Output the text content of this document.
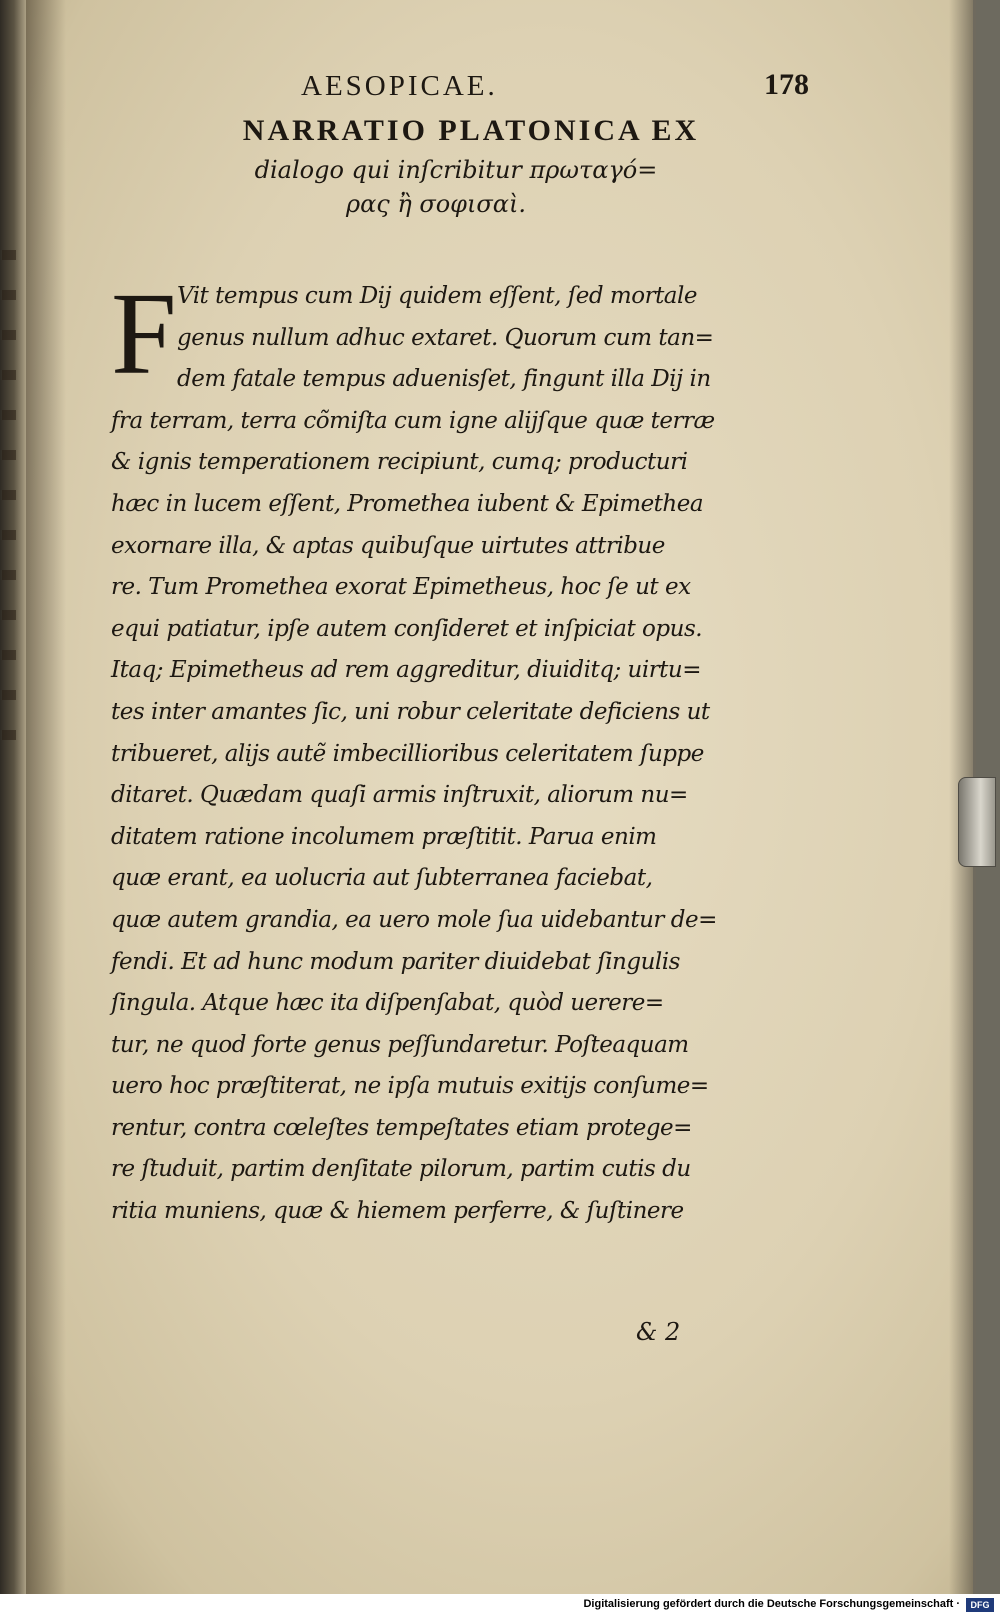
AESOPICAE.	178
NARRATIO PLATONICA EX
dialogo qui inſcribitur πρωταγό=
ρας ἢ σοφισαὶ.
F Vit tempus cum Dij quidem eſſent, ſed mortale
genus nullum adhuc extaret. Quorum cum tan=
dem fatale tempus aduenisſet, fingunt illa Dij in
fra terram, terra cõmiſta cum igne alijſque quæ terræ
& ignis temperationem recipiunt, cumq; producturi
hæc in lucem eſſent, Promethea iubent & Epimethea
exornare illa, & aptas quibuſque uirtutes attribue
re. Tum Promethea exorat Epimetheus, hoc ſe ut ex
equi patiatur, ipſe autem conſideret et inſpiciat opus.
Itaq; Epimetheus ad rem aggreditur, diuiditq; uirtu=
tes inter amantes ſic, uni robur celeritate deficiens ut
tribueret, alijs autẽ imbecillioribus celeritatem ſuppe
ditaret. Quædam quaſi armis inſtruxit, aliorum nu=
ditatem ratione incolumem præſtitit. Parua enim
quæ erant, ea uolucria aut ſubterranea faciebat,
quæ autem grandia, ea uero mole ſua uidebantur de=
fendi. Et ad hunc modum pariter diuidebat ſingulis
ſingula. Atque hæc ita diſpenſabat, quòd uerere=
tur, ne quod forte genus peſſundaretur. Poſteaquam
uero hoc præſtiterat, ne ipſa mutuis exitijs conſume=
rentur, contra cœleſtes tempeſtates etiam protege=
re ſtuduit, partim denſitate pilorum, partim cutis du
ritia muniens, quæ & hiemem perferre, & ſuſtinere
& 2
Digitalisierung gefördert durch die Deutsche Forschungsgemeinschaft ·	DFG
